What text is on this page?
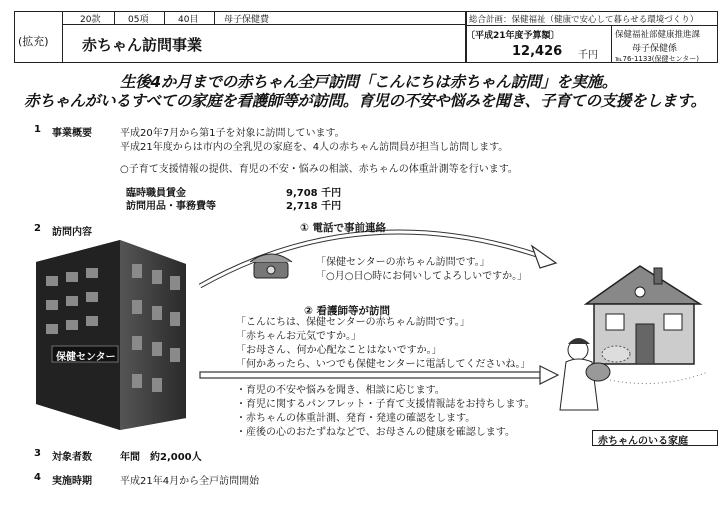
20款	05項	40目	母子保健費
(拡充) 赤ちゃん訪問事業
総合計画：保健福祉（健康で安心して暮らせる環境づくり）
〔平成21年度予算額〕
12,426 千円
保健福祉部健康推進課
母子保健係
℡76-1133(保健センター)
生後4か月までの赤ちゃん全戸訪問「こんにちは赤ちゃん訪問」を実施。
赤ちゃんがいるすべての家庭を看護師等が訪問。育児の不安や悩みを聞き、子育ての支援をします。
1 事業概要	平成20年7月から第1子を対象に訪問しています。
平成21年度からは市内の全乳児の家庭を、4人の赤ちゃん訪問員が担当し訪問します。
○子育て支援情報の提供、育児の不安・悩みの相談、赤ちゃんの体重計測等を行います。
臨時職員賃金	9,708 千円
訪問用品・事務費等	2,718 千円
2 訪問内容
保健センター
赤ちゃんのいる家庭
① 電話で事前連絡
「保健センターの赤ちゃん訪問です。」
「○月○日○時にお伺いしてよろしいですか。」
② 看護師等が訪問
「こんにちは、保健センターの赤ちゃん訪問です。」
「赤ちゃんお元気ですか。」
「お母さん、何か心配なことはないですか。」
「何かあったら、いつでも保健センターに電話してくださいね。」
・育児の不安や悩みを聞き、相談に応じます。
・育児に関するパンフレット・子育て支援情報誌をお持ちします。
・赤ちゃんの体重計測、発育・発達の確認をします。
・産後の心のおたずねなどで、お母さんの健康を確認します。
3 対象者数	年間　約2,000人
4 実施時期	平成21年4月から全戸訪問開始
